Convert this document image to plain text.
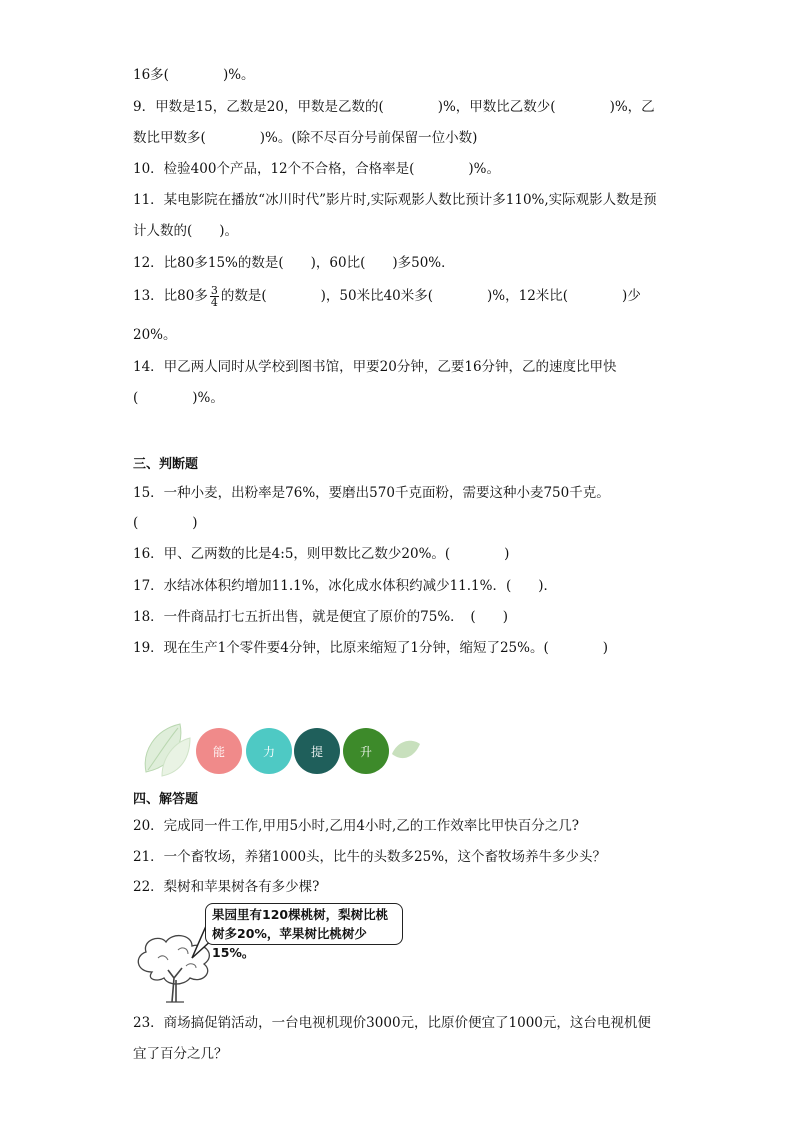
16多(　　　　)%。
9．甲数是15，乙数是20，甲数是乙数的(　　　　)%，甲数比乙数少(　　　　)%，乙
数比甲数多(　　　　)%。(除不尽百分号前保留一位小数)
10．检验400个产品，12个不合格，合格率是(　　　　)%。
11．某电影院在播放“冰川时代”影片时,实际观影人数比预计多110%,实际观影人数是预
计人数的(　　)。
12．比80多15%的数是(　　)，60比(　　)多50%．
13．比80多 $\frac{3}{4}$ 的数是(　　　　)，50米比40米多(　　　　)%，12米比(　　　　)少
20%。
14．甲乙两人同时从学校到图书馆，甲要20分钟，乙要16分钟，乙的速度比甲快
(　　　　)%。
三、判断题
15．一种小麦，出粉率是76%，要磨出570千克面粉，需要这种小麦750千克。
(　　　　)
16．甲、乙两数的比是4:5，则甲数比乙数少20%。(　　　　)
17．水结冰体积约增加11.1%，冰化成水体积约减少11.1%．(　　)．
18．一件商品打七五折出售，就是便宜了原价的75%．　(　　)
19．现在生产1个零件要4分钟，比原来缩短了1分钟，缩短了25%。(　　　　)
能	力	提	升
四、解答题
20．完成同一件工作,甲用5小时,乙用4小时,乙的工作效率比甲快百分之几?
21．一个畜牧场，养猪1000头，比牛的头数多25%，这个畜牧场养牛多少头？
22．梨树和苹果树各有多少棵?
果园里有120棵桃树，梨树比桃
树多20%，苹果树比桃树少15%。
23．商场搞促销活动，一台电视机现价3000元，比原价便宜了1000元，这台电视机便
宜了百分之几？
